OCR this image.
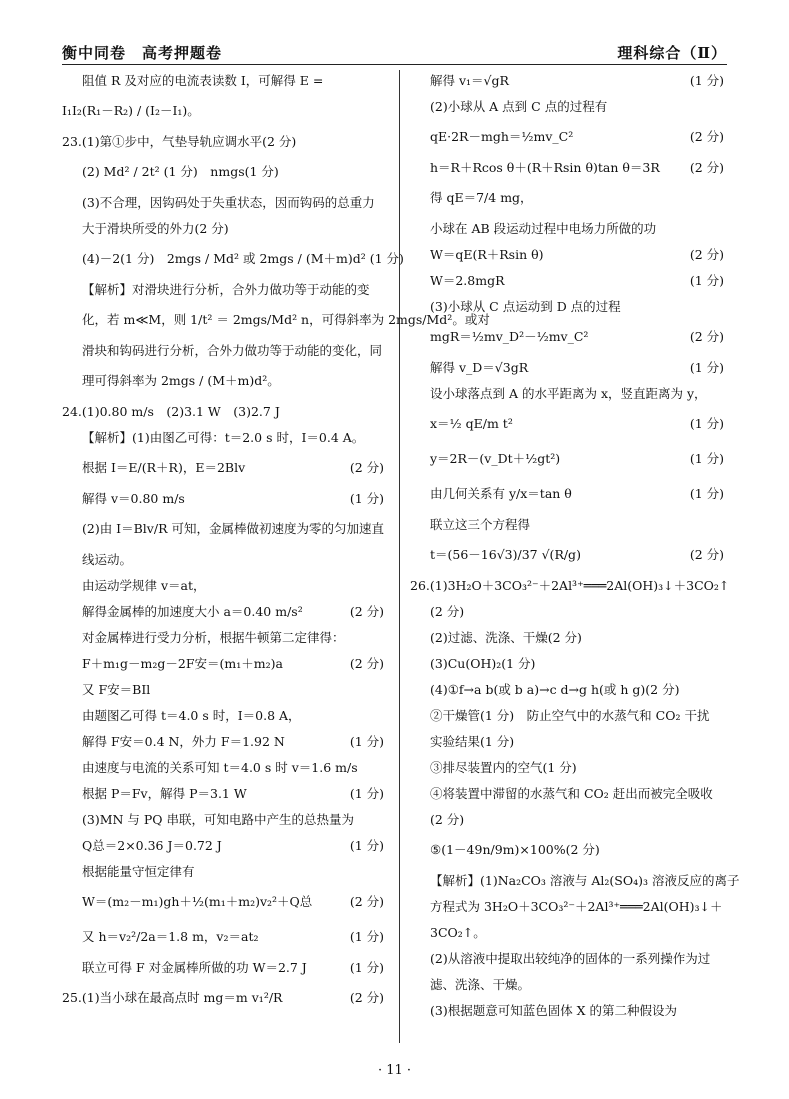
衡中同卷　高考押题卷	理科综合（Ⅱ）
阻值 R 及对应的电流表读数 I，可解得 E =
I₁I₂(R₁－R₂) / (I₂－I₁)。
23.(1)第①步中，气垫导轨应调水平(2 分)
(2) Md² / 2t² (1 分)　nmgs(1 分)
(3)不合理，因钩码处于失重状态，因而钩码的总重力
大于滑块所受的外力(2 分)
(4)－2(1 分)　2mgs / Md² 或 2mgs / (M＋m)d² (1 分)
【解析】对滑块进行分析，合外力做功等于动能的变
化，若 m≪M，则 1/t² ＝ 2mgs/Md² n，可得斜率为 2mgs/Md²。或对
滑块和钩码进行分析，合外力做功等于动能的变化，同
理可得斜率为 2mgs / (M＋m)d²。
24.(1)0.80 m/s　(2)3.1 W　(3)2.7 J
【解析】(1)由图乙可得：t＝2.0 s 时，I＝0.4 A。
根据 I＝E/(R＋R)，E＝2Blv	(2 分)
解得 v＝0.80 m/s	(1 分)
(2)由 I＝Blv/R 可知，金属棒做初速度为零的匀加速直
线运动。
由运动学规律 v＝at，
解得金属棒的加速度大小 a＝0.40 m/s²	(2 分)
对金属棒进行受力分析，根据牛顿第二定律得：
F＋m₁g－m₂g－2F安＝(m₁＋m₂)a	(2 分)
又 F安＝BIl
由题图乙可得 t＝4.0 s 时，I＝0.8 A，
解得 F安＝0.4 N，外力 F＝1.92 N	(1 分)
由速度与电流的关系可知 t＝4.0 s 时 v＝1.6 m/s
根据 P＝Fv，解得 P＝3.1 W	(1 分)
(3)MN 与 PQ 串联，可知电路中产生的总热量为
Q总＝2×0.36 J＝0.72 J	(1 分)
根据能量守恒定律有
W＝(m₂－m₁)gh＋½(m₁＋m₂)v₂²＋Q总	(2 分)
又 h＝v₂²/2a＝1.8 m，v₂＝at₂	(1 分)
联立可得 F 对金属棒所做的功 W＝2.7 J	(1 分)
25.(1)当小球在最高点时 mg＝m v₁²/R	(2 分)
解得 v₁＝√gR	(1 分)
(2)小球从 A 点到 C 点的过程有
qE·2R－mgh＝½mv_C²	(2 分)
h＝R＋Rcos θ＋(R＋Rsin θ)tan θ＝3R (2 分)
得 qE＝7/4 mg，
小球在 AB 段运动过程中电场力所做的功
W＝qE(R＋Rsin θ)	(2 分)
W＝2.8mgR	(1 分)
(3)小球从 C 点运动到 D 点的过程
mgR＝½mv_D²－½mv_C²	(2 分)
解得 v_D＝√3gR	(1 分)
设小球落点到 A 的水平距离为 x，竖直距离为 y，
x＝½ qE/m t²	(1 分)
y＝2R－(v_Dt＋½gt²)	(1 分)
由几何关系有 y/x＝tan θ	(1 分)
联立这三个方程得
t＝(56－16√3)/37 √(R/g)	(2 分)
26.(1)3H₂O＋3CO₃²⁻＋2Al³⁺═══2Al(OH)₃↓＋3CO₂↑
(2 分)
(2)过滤、洗涤、干燥(2 分)
(3)Cu(OH)₂(1 分)
(4)①f→a b(或 b a)→c d→g h(或 h g)(2 分)
②干燥管(1 分)　防止空气中的水蒸气和 CO₂ 干扰
实验结果(1 分)
③排尽装置内的空气(1 分)
④将装置中滞留的水蒸气和 CO₂ 赶出而被完全吸收
(2 分)
⑤(1－49n/9m)×100%(2 分)
【解析】(1)Na₂CO₃ 溶液与 Al₂(SO₄)₃ 溶液反应的离子
方程式为 3H₂O＋3CO₃²⁻＋2Al³⁺═══2Al(OH)₃↓＋
3CO₂↑。
(2)从溶液中提取出较纯净的固体的一系列操作为过
滤、洗涤、干燥。
(3)根据题意可知蓝色固体 X 的第二种假设为
· 11 ·
